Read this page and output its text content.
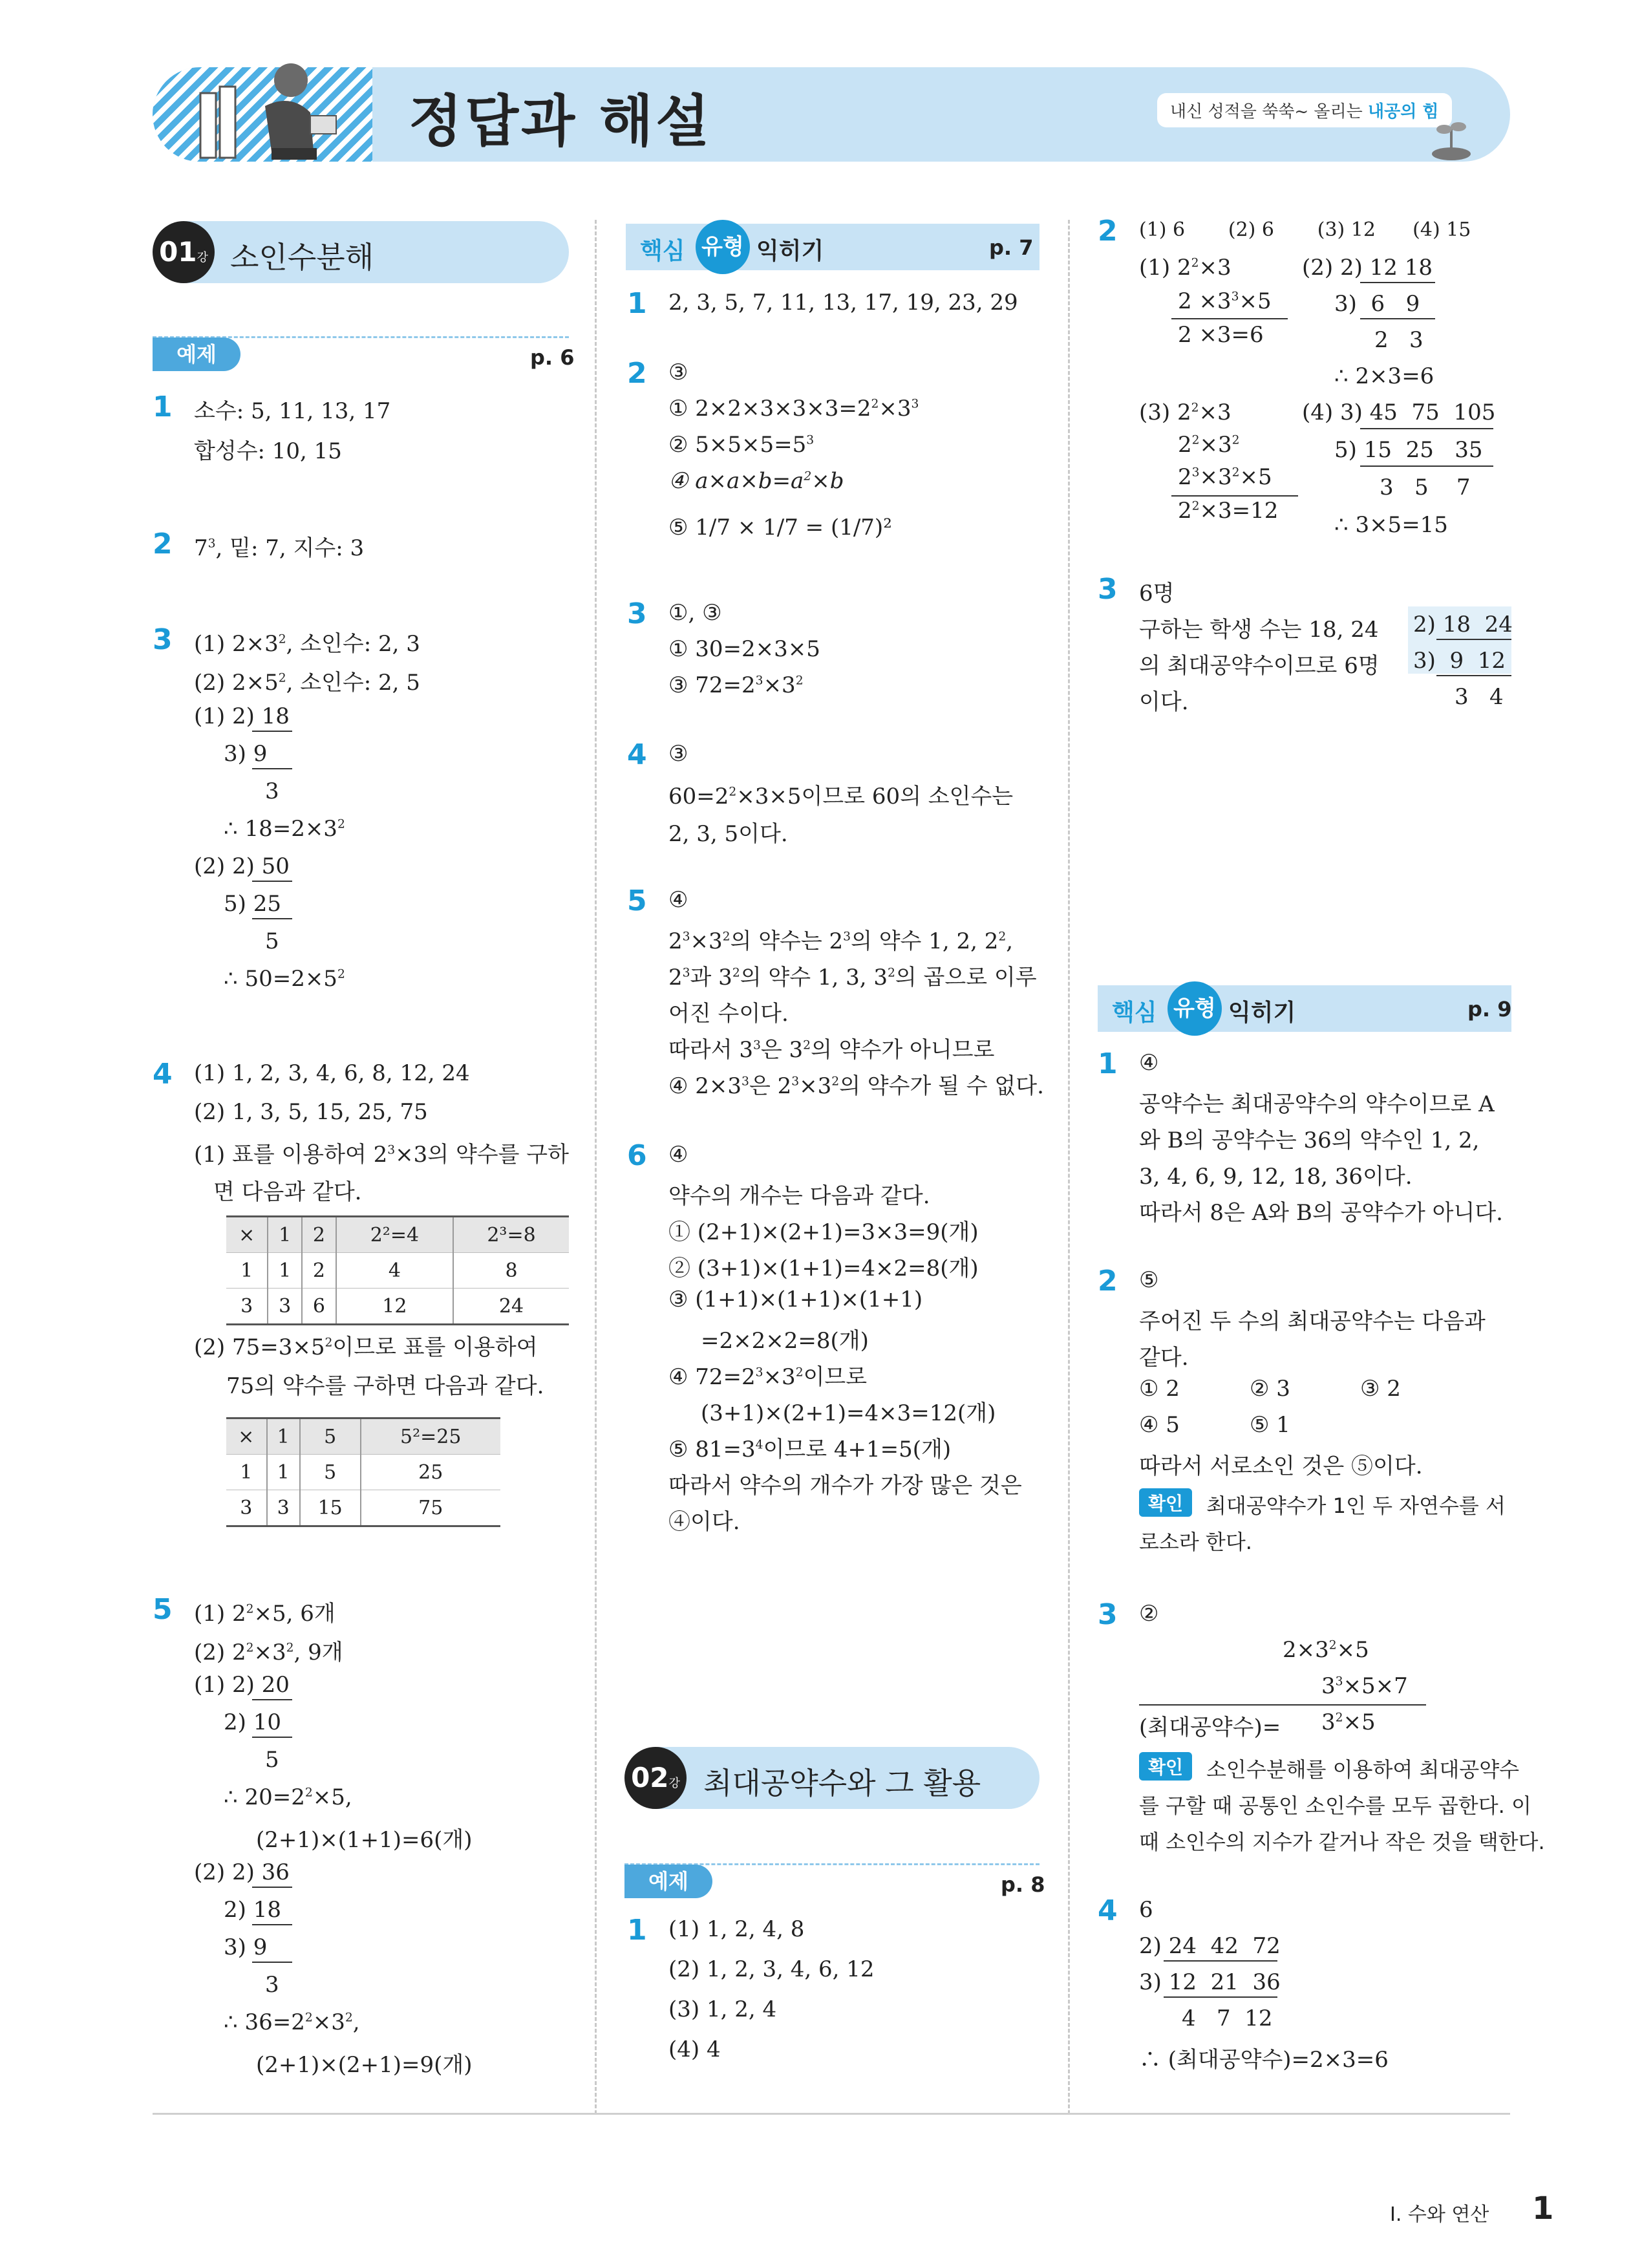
정답과 해설	내신 성적을 쑥쑥~ 올리는 내공의 힘
01강 소인수분해
예제	p. 6
1 소수: 5, 11, 13, 17
합성수: 10, 15
2 $7^3$, 밑: 7, 지수: 3
3 (1) $2\times 3^2$, 소인수: 2, 3
(2) $2\times 5^2$, 소인수: 2, 5
(1) 2) 18
3) 9
3
∴ $18=2\times 3^2$
(2) 2) 50
5) 25
5
∴ $50=2\times 5^2$
4 (1) 1, 2, 3, 4, 6, 8, 12, 24
(2) 1, 3, 5, 15, 25, 75
(1) 표를 이용하여 $2^3\times 3$의 약수를 구하
면 다음과 같다.
×	1	2	2²=4	2³=8
1	1	2	4	8
3	3	6	12	24
(2) $75=3\times 5^2$이므로 표를 이용하여
75의 약수를 구하면 다음과 같다.
×	1	5	5²=25
1	1	5	25
3	3	15	75
5 (1) $2^2\times 5$, 6개
(2) $2^2\times 3^2$, 9개
(1) 2) 20
2) 10
5
∴ $20=2^2\times 5$,
(2+1)×(1+1)=6(개)
(2) 2) 36
2) 18
3) 9
3
∴ $36=2^2\times 3^2$,
(2+1)×(2+1)=9(개)
핵심 유형 익히기	p. 7
1 2, 3, 5, 7, 11, 13, 17, 19, 23, 29
2 ③
① $2\times 2\times 3\times 3\times 3=2^2\times 3^3$
② $5\times 5\times 5=5^3$
④ $a\times a\times b=a^2\times b$
⑤ 1/7 × 1/7 = (1/7)²
3 ①, ③
① 30=2×3×5
③ $72=2^3\times 3^2$
4 ③
$60=2^2\times 3\times 5$이므로 60의 소인수는
2, 3, 5이다.
5 ④
$2^3\times 3^2$의 약수는 $2^3$의 약수 1, 2, $2^2$,
$2^3$과 $3^2$의 약수 1, 3, $3^2$의 곱으로 이루
어진 수이다.
따라서 $3^3$은 $3^2$의 약수가 아니므로
④ $2\times 3^3$은 $2^3\times 3^2$의 약수가 될 수 없다.
6 ④
약수의 개수는 다음과 같다.
① (2+1)×(2+1)=3×3=9(개)
② (3+1)×(1+1)=4×2=8(개)
③ (1+1)×(1+1)×(1+1)
=2×2×2=8(개)
④ $72=2^3\times 3^2$이므로
(3+1)×(2+1)=4×3=12(개)
⑤ $81=3^4$이므로 4+1=5(개)
따라서 약수의 개수가 가장 많은 것은
④이다.
02강 최대공약수와 그 활용
예제	p. 8
1 (1) 1, 2, 4, 8
(2) 1, 2, 3, 4, 6, 12
(3) 1, 2, 4
(4) 4
2 (1) 6       (2) 6       (3) 12      (4) 15
(1) $2^2\times 3$
$2 \times 3^3\times 5$
2 ×3=6
(2) 2) 12 18
3)  6   9
2   3
∴ 2×3=6
(3) $2^2\times 3$
$2^2\times 3^2$
$2^3\times 3^2\times 5$
$2^2\times 3=12$
(4) 3) 45  75  105
5) 15  25   35
3   5    7
∴ 3×5=15
3 6명
구하는 학생 수는 18, 24
의 최대공약수이므로 6명
이다.
2) 18  24
3)  9  12
3   4
핵심 유형 익히기	p. 9
1 ④
공약수는 최대공약수의 약수이므로 A
와 B의 공약수는 36의 약수인 1, 2,
3, 4, 6, 9, 12, 18, 36이다.
따라서 8은 A와 B의 공약수가 아니다.
2 ⑤
주어진 두 수의 최대공약수는 다음과
같다.
① 2          ② 3          ③ 2
④ 5          ⑤ 1
따라서 서로소인 것은 ⑤이다.
확인	최대공약수가 1인 두 자연수를 서
로소라 한다.
3 ②
$2\times 3^2\times 5$
$3^3\times 5\times 7$
(최대공약수)= $3^2\times 5$
확인	소인수분해를 이용하여 최대공약수
를 구할 때 공통인 소인수를 모두 곱한다. 이
때 소인수의 지수가 같거나 작은 것을 택한다.
4 6
2) 24  42  72
3) 12  21  36
4   7  12
∴ (최대공약수)=2×3=6
Ⅰ. 수와 연산 1
